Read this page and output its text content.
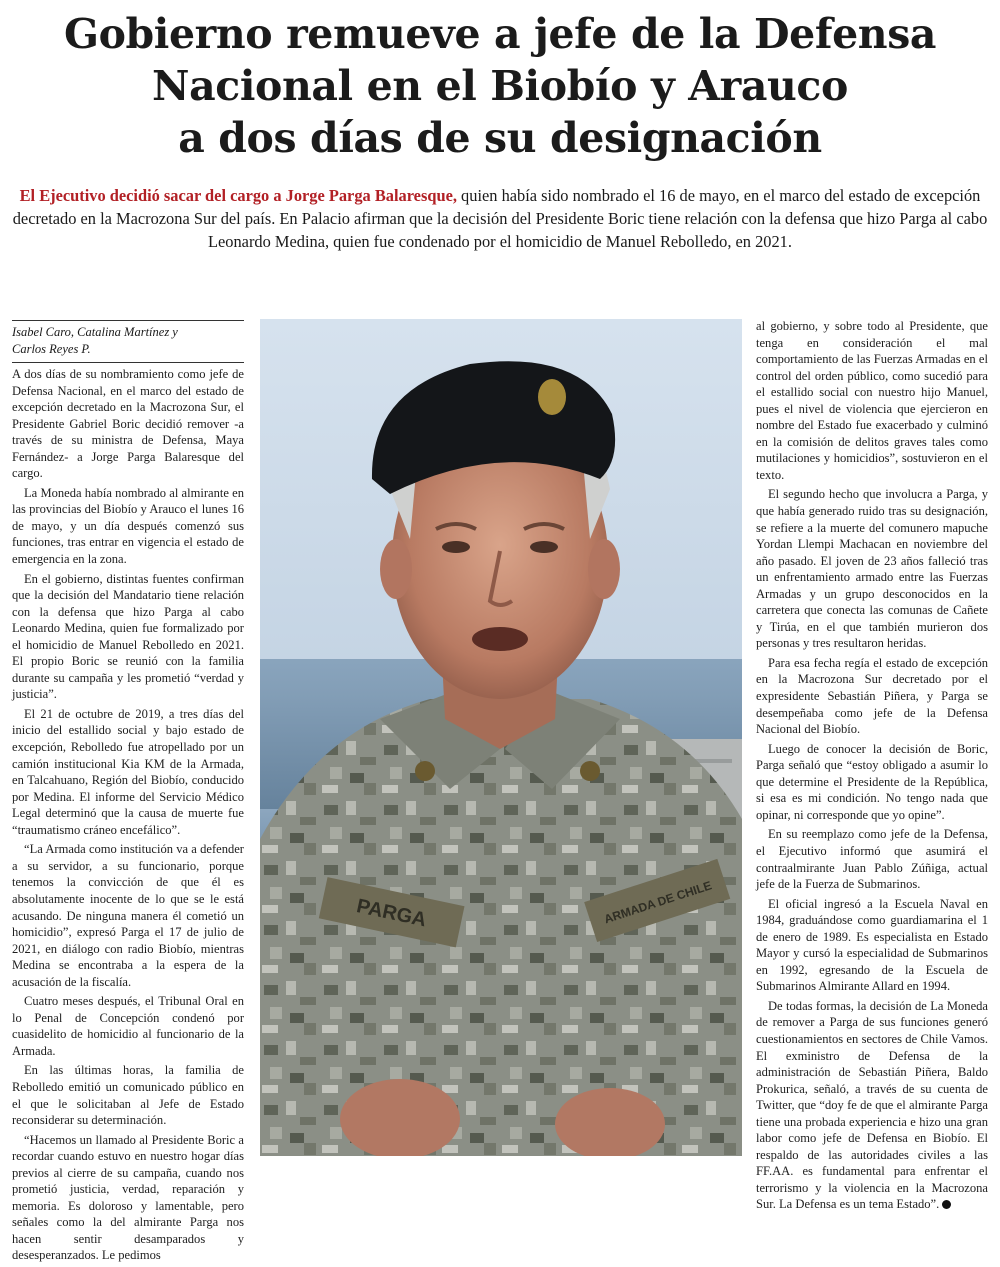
Gobierno remueve a jefe de la Defensa
Nacional en el Biobío y Arauco
a dos días de su designación

El Ejecutivo decidió sacar del cargo a Jorge Parga Balaresque, quien había sido nombrado el 16 de mayo, en el marco del estado de excepción decretado en la Macrozona Sur del país. En Palacio afirman que la decisión del Presidente Boric tiene relación con la defensa que hizo Parga al cabo Leonardo Medina, quien fue condenado por el homicidio de Manuel Rebolledo, en 2021.

Isabel Caro, Catalina Martínez y
Carlos Reyes P.

A dos días de su nombramiento como jefe de Defensa Nacional, en el marco del estado de excepción decretado en la Macrozona Sur, el Presidente Gabriel Boric decidió remover -a través de su ministra de Defensa, Maya Fernández- a Jorge Parga Balaresque del cargo.

La Moneda había nombrado al almirante en las provincias del Biobío y Arauco el lunes 16 de mayo, y un día después comenzó sus funciones, tras entrar en vigencia el estado de emergencia en la zona.

En el gobierno, distintas fuentes confirman que la decisión del Mandatario tiene relación con la defensa que hizo Parga al cabo Leonardo Medina, quien fue formalizado por el homicidio de Manuel Rebolledo en 2021. El propio Boric se reunió con la familia durante su campaña y les prometió “verdad y justicia”.

El 21 de octubre de 2019, a tres días del inicio del estallido social y bajo estado de excepción, Rebolledo fue atropellado por un camión institucional Kia KM de la Armada, en Talcahuano, Región del Biobío, conducido por Medina. El informe del Servicio Médico Legal determinó que la causa de muerte fue “traumatismo cráneo encefálico”.

“La Armada como institución va a defender a su servidor, a su funcionario, porque tenemos la convicción de que él es absolutamente inocente de lo que se le está acusando. De ninguna manera él cometió un homicidio”, expresó Parga el 17 de julio de 2021, en diálogo con radio Biobío, mientras Medina se encontraba a la espera de la acusación de la fiscalía.

Cuatro meses después, el Tribunal Oral en lo Penal de Concepción condenó por cuasidelito de homicidio al funcionario de la Armada.

En las últimas horas, la familia de Rebolledo emitió un comunicado público en el que le solicitaban al Jefe de Estado reconsiderar su determinación.

“Hacemos un llamado al Presidente Boric a recordar cuando estuvo en nuestro hogar días previos al cierre de su campaña, cuando nos prometió justicia, verdad, reparación y memoria. Es doloroso y lamentable, pero señales como la del almirante Parga nos hacen sentir desamparados y desesperanzados. Le pedimos

PARGA	ARMADA DE CHILE

al gobierno, y sobre todo al Presidente, que tenga en consideración el mal comportamiento de las Fuerzas Armadas en el control del orden público, como sucedió para el estallido social con nuestro hijo Manuel, pues el nivel de violencia que ejercieron en nombre del Estado fue exacerbado y culminó en la comisión de delitos graves tales como mutilaciones y homicidios”, sostuvieron en el texto.

El segundo hecho que involucra a Parga, y que había generado ruido tras su designación, se refiere a la muerte del comunero mapuche Yordan Llempi Machacan en noviembre del año pasado. El joven de 23 años falleció tras un enfrentamiento armado entre las Fuerzas Armadas y un grupo desconocidos en la carretera que conecta las comunas de Cañete y Tirúa, en el que también murieron dos personas y tres resultaron heridas.

Para esa fecha regía el estado de excepción en la Macrozona Sur decretado por el expresidente Sebastián Piñera, y Parga se desempeñaba como jefe de la Defensa Nacional del Biobío.

Luego de conocer la decisión de Boric, Parga señaló que “estoy obligado a asumir lo que determine el Presidente de la República, si esa es mi condición. No tengo nada que opinar, ni corresponde que yo opine”.

En su reemplazo como jefe de la Defensa, el Ejecutivo informó que asumirá el contraalmirante Juan Pablo Zúñiga, actual jefe de la Fuerza de Submarinos.

El oficial ingresó a la Escuela Naval en 1984, graduándose como guardiamarina el 1 de enero de 1989. Es especialista en Estado Mayor y cursó la especialidad de Submarinos en 1992, egresando de la Escuela de Submarinos Almirante Allard en 1994.

De todas formas, la decisión de La Moneda de remover a Parga de sus funciones generó cuestionamientos en sectores de Chile Vamos. El exministro de Defensa de la administración de Sebastián Piñera, Baldo Prokurica, señaló, a través de su cuenta de Twitter, que “doy fe de que el almirante Parga tiene una probada experiencia e hizo una gran labor como jefe de Defensa en Biobío. El respaldo de las autoridades civiles a las FF.AA. es fundamental para enfrentar el terrorismo y la violencia en la Macrozona Sur. La Defensa es un tema Estado”.
